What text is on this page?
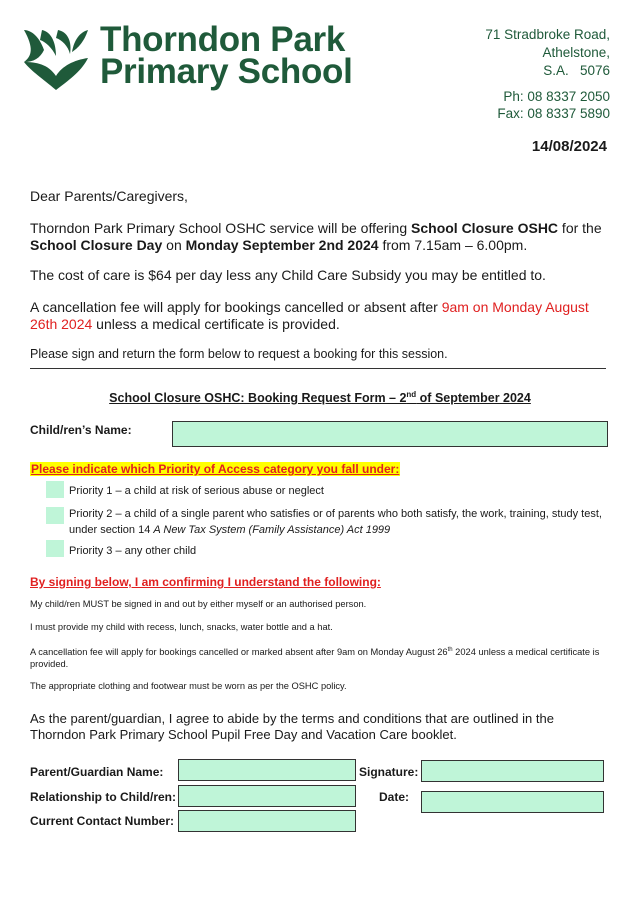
Thorndon Park
Primary School
71 Stradbroke Road,
Athelstone,
S.A.   5076
Ph: 08 8337 2050
Fax: 08 8337 5890
14/08/2024
Dear Parents/Caregivers,
Thorndon Park Primary School OSHC service will be offering School Closure OSHC for the School Closure Day on Monday September 2nd 2024 from 7.15am – 6.00pm.
The cost of care is $64 per day less any Child Care Subsidy you may be entitled to.
A cancellation fee will apply for bookings cancelled or absent after 9am on Monday August 26th 2024 unless a medical certificate is provided.
Please sign and return the form below to request a booking for this session.
School Closure OSHC: Booking Request Form – 2nd of September 2024
Child/ren’s Name:
Please indicate which Priority of Access category you fall under:
Priority 1 – a child at risk of serious abuse or neglect
Priority 2 – a child of a single parent who satisfies or of parents who both satisfy, the work, training, study test, under section 14 A New Tax System (Family Assistance) Act 1999
Priority 3 – any other child
By signing below, I am confirming I understand the following:
My child/ren MUST be signed in and out by either myself or an authorised person.
I must provide my child with recess, lunch, snacks, water bottle and a hat.
A cancellation fee will apply for bookings cancelled or marked absent after 9am on Monday August 26th 2024 unless a medical certificate is provided.
The appropriate clothing and footwear must be worn as per the OSHC policy.
As the parent/guardian, I agree to abide by the terms and conditions that are outlined in the Thorndon Park Primary School Pupil Free Day and Vacation Care booklet.
Parent/Guardian Name:	Signature:
Relationship to Child/ren:	Date:
Current Contact Number:
